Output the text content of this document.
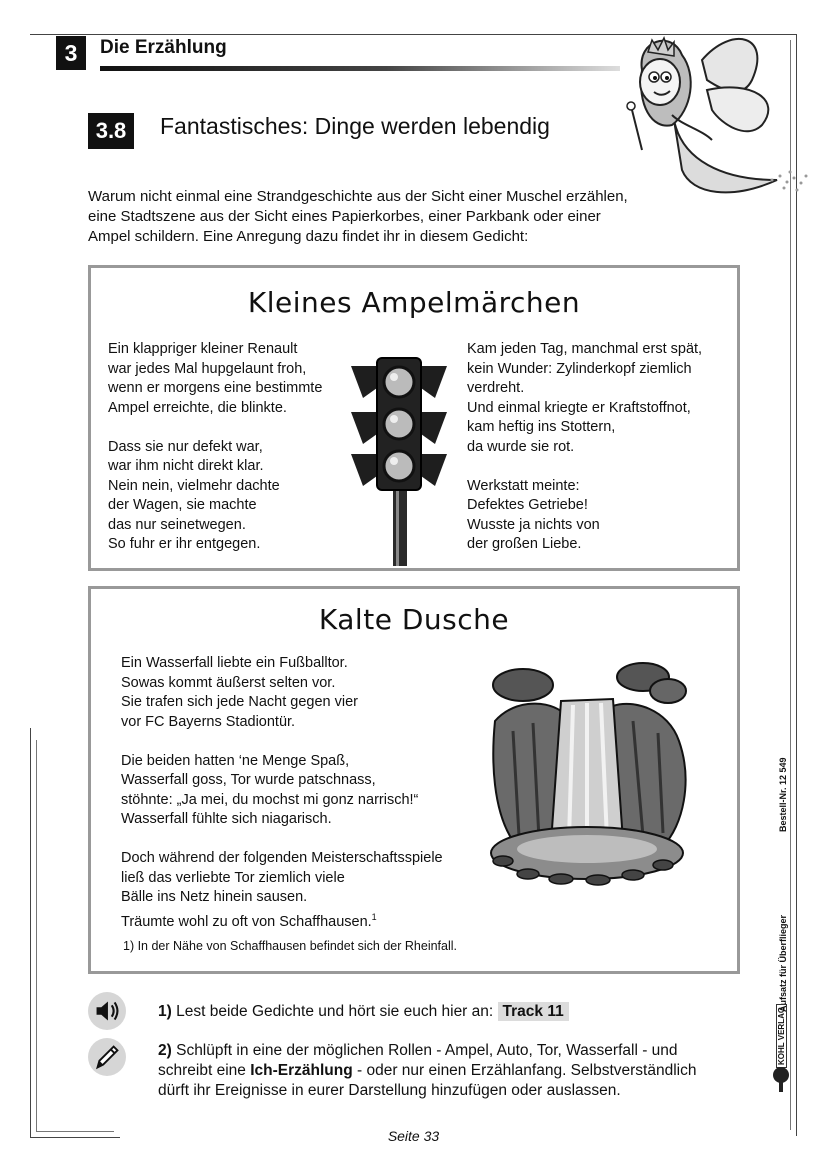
3	Die Erzählung
3.8	Fantastisches: Dinge werden lebendig
Warum nicht einmal eine Strandgeschichte aus der Sicht einer Muschel erzählen,
eine Stadtszene aus der Sicht eines Papierkorbes, einer Parkbank oder einer
Ampel schildern. Eine Anregung dazu findet ihr in diesem Gedicht:
Kleines Ampelmärchen
Ein klappriger kleiner Renault
war jedes Mal hupgelaunt froh,
wenn er morgens eine bestimmte
Ampel erreichte, die blinkte.
Dass sie nur defekt war,
war ihm nicht direkt klar.
Nein nein, vielmehr dachte
der Wagen, sie machte
das nur seinetwegen.
So fuhr er ihr entgegen.
Kam jeden Tag, manchmal erst spät,
kein Wunder: Zylinderkopf ziemlich
verdreht.
Und einmal kriegte er Kraftstoffnot,
kam heftig ins Stottern,
da wurde sie rot.
Werkstatt meinte:
Defektes Getriebe!
Wusste ja nichts von
der großen Liebe.
Kalte Dusche
Ein Wasserfall liebte ein Fußballtor.
Sowas kommt äußerst selten vor.
Sie trafen sich jede Nacht gegen vier
vor FC Bayerns Stadiontür.
Die beiden hatten ‘ne Menge Spaß,
Wasserfall goss, Tor wurde patschnass,
stöhnte: „Ja mei, du mochst mi gonz narrisch!“
Wasserfall fühlte sich niagarisch.
Doch während der folgenden Meisterschaftsspiele
ließ das verliebte Tor ziemlich viele
Bälle ins Netz hinein sausen.
Träumte wohl zu oft von Schaffhausen.$^1$
1) In der Nähe von Schaffhausen befindet sich der Rheinfall.
1) Lest beide Gedichte und hört sie euch hier an: Track 11
2) Schlüpft in eine der möglichen Rollen - Ampel, Auto, Tor, Wasserfall - und
schreibt eine Ich-Erzählung - oder nur einen Erzählanfang. Selbstverständlich
dürft ihr Ereignisse in eurer Darstellung hinzufügen oder auslassen.
Bestell-Nr. 12 549
Aufsatz für Überflieger
KOHL VERLAG
Seite 33
